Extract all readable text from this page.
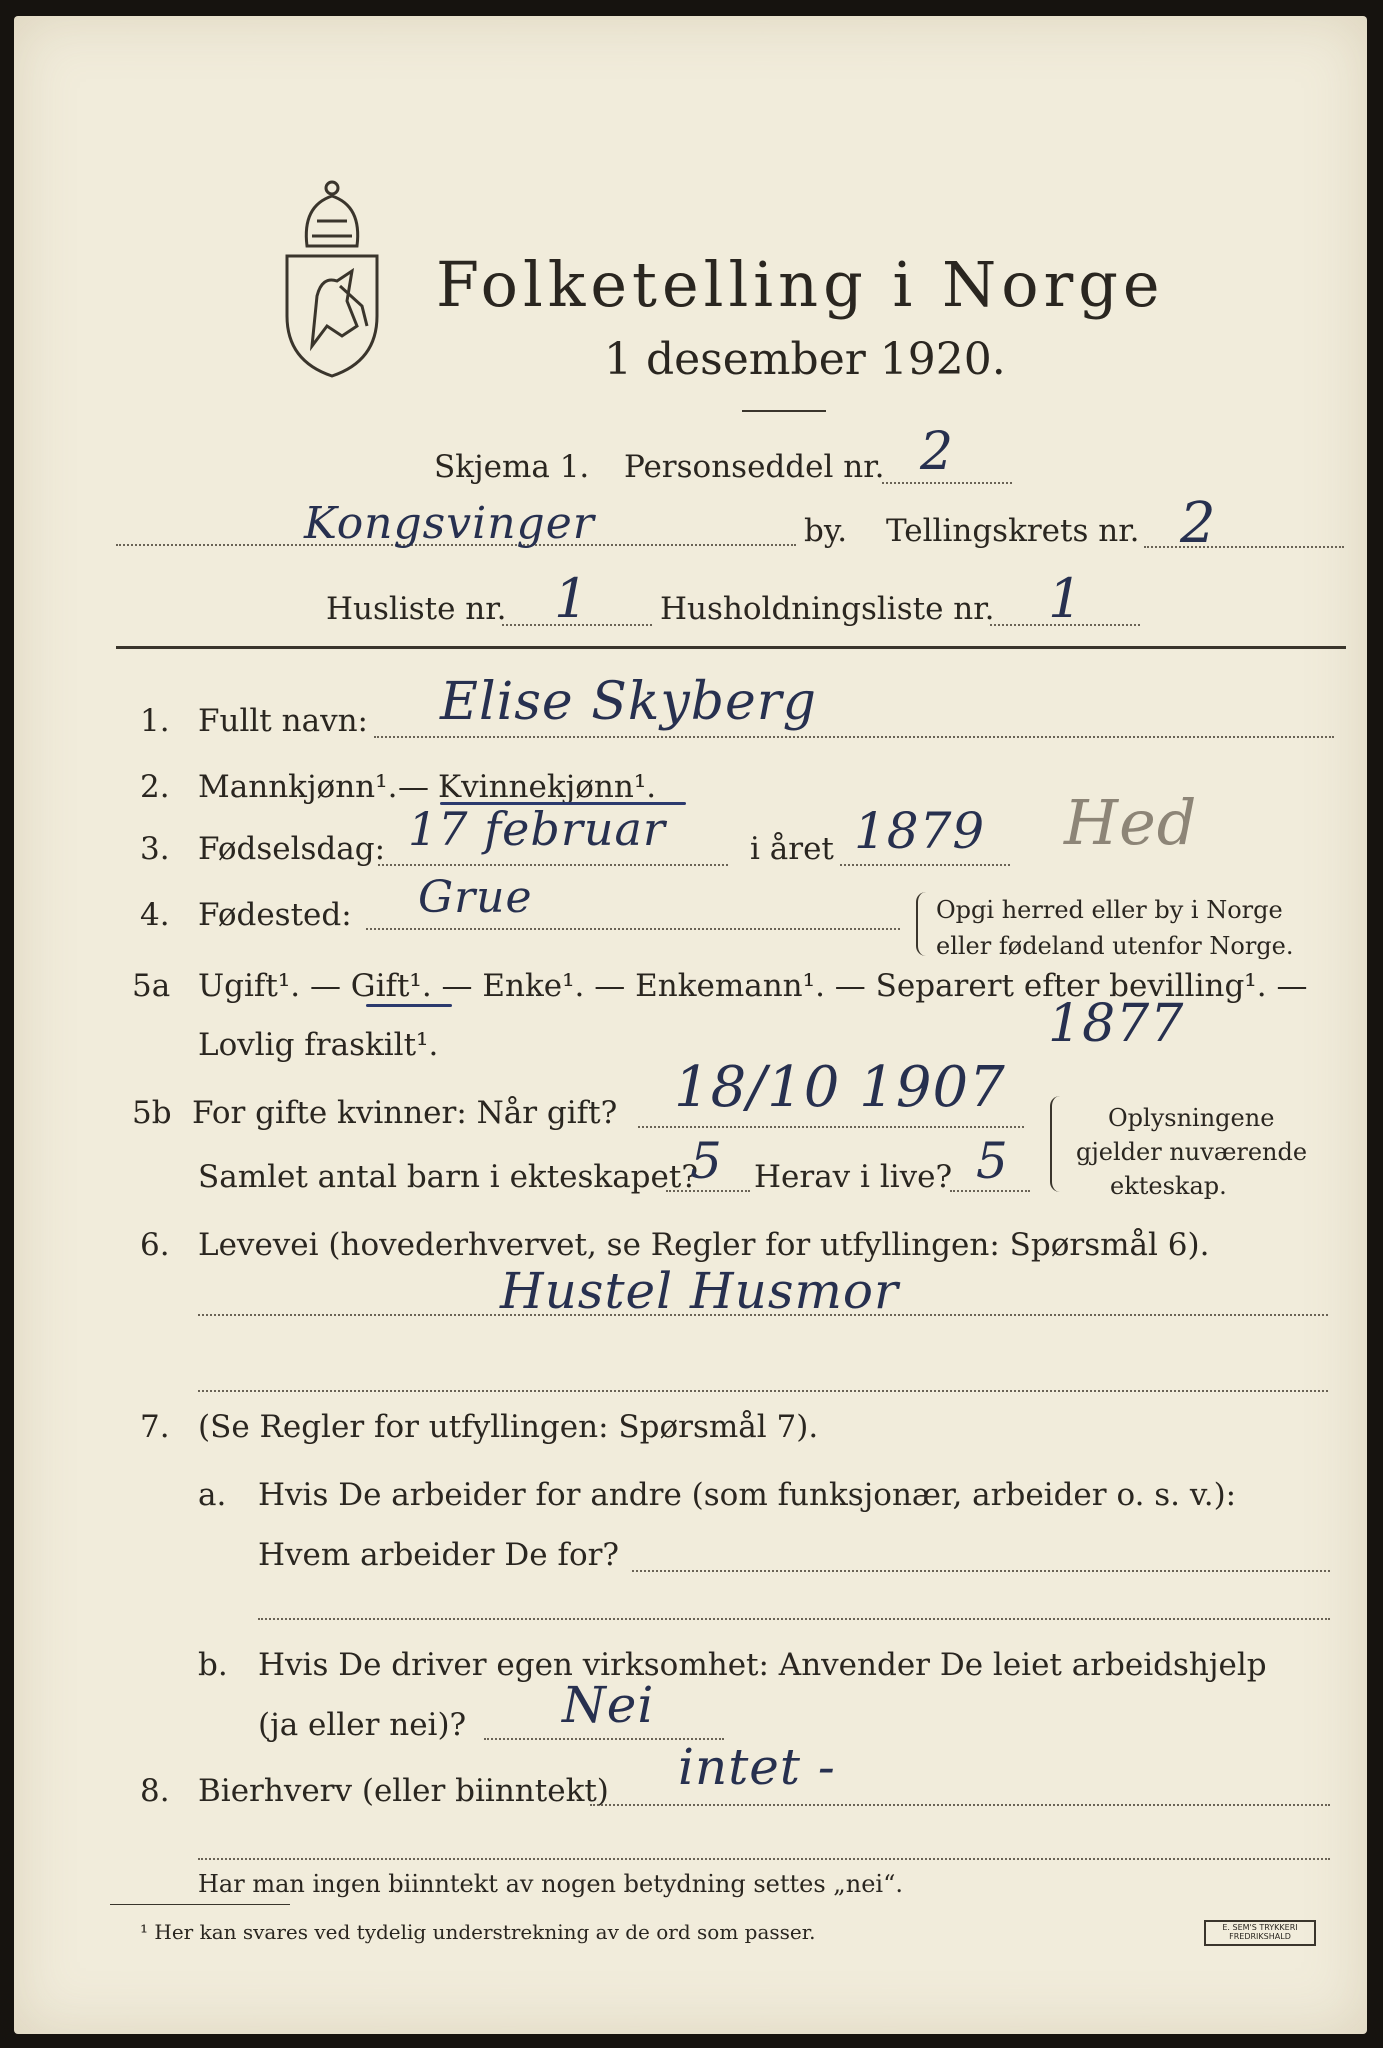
Folketelling i Norge
1 desember 1920.
Skjema 1. Personseddel nr. 2
Kongsvinger	by. Tellingskrets nr. 2
Husliste nr. 1 Husholdningsliste nr. 1
1. Fullt navn: Elise Skyberg
2. Mannkjønn¹. — Kvinnekjønn¹.
3. Fødselsdag: 17 februar	i året 1879 Hed
4. Fødested: Grue	Opgi herred eller by i Norge
eller fødeland utenfor Norge.
5a Ugift¹. — Gift¹. — Enke¹. — Enkemann¹. — Separert efter bevilling¹. —
Lovlig fraskilt¹.	1877
5b For gifte kvinner: Når gift? 18/10 1907
Samlet antal barn i ekteskapet?
5 Herav i live? 5
Oplysningene
gjelder nuværende
ekteskap.
6. Levevei (hovederhvervet, se Regler for utfyllingen: Spørsmål 6).
Hustel Husmor
7. (Se Regler for utfyllingen: Spørsmål 7).
a. Hvis De arbeider for andre (som funksjonær, arbeider o. s. v.):
Hvem arbeider De for?
b. Hvis De driver egen virksomhet: Anvender De leiet arbeidshjelp
(ja eller nei)? Nei
8. Bierhverv (eller biinntekt) intet -
Har man ingen biinntekt av nogen betydning settes „nei“.
¹ Her kan svares ved tydelig understrekning av de ord som passer.	E. SEM'S TRYKKERI FREDRIKSHALD
